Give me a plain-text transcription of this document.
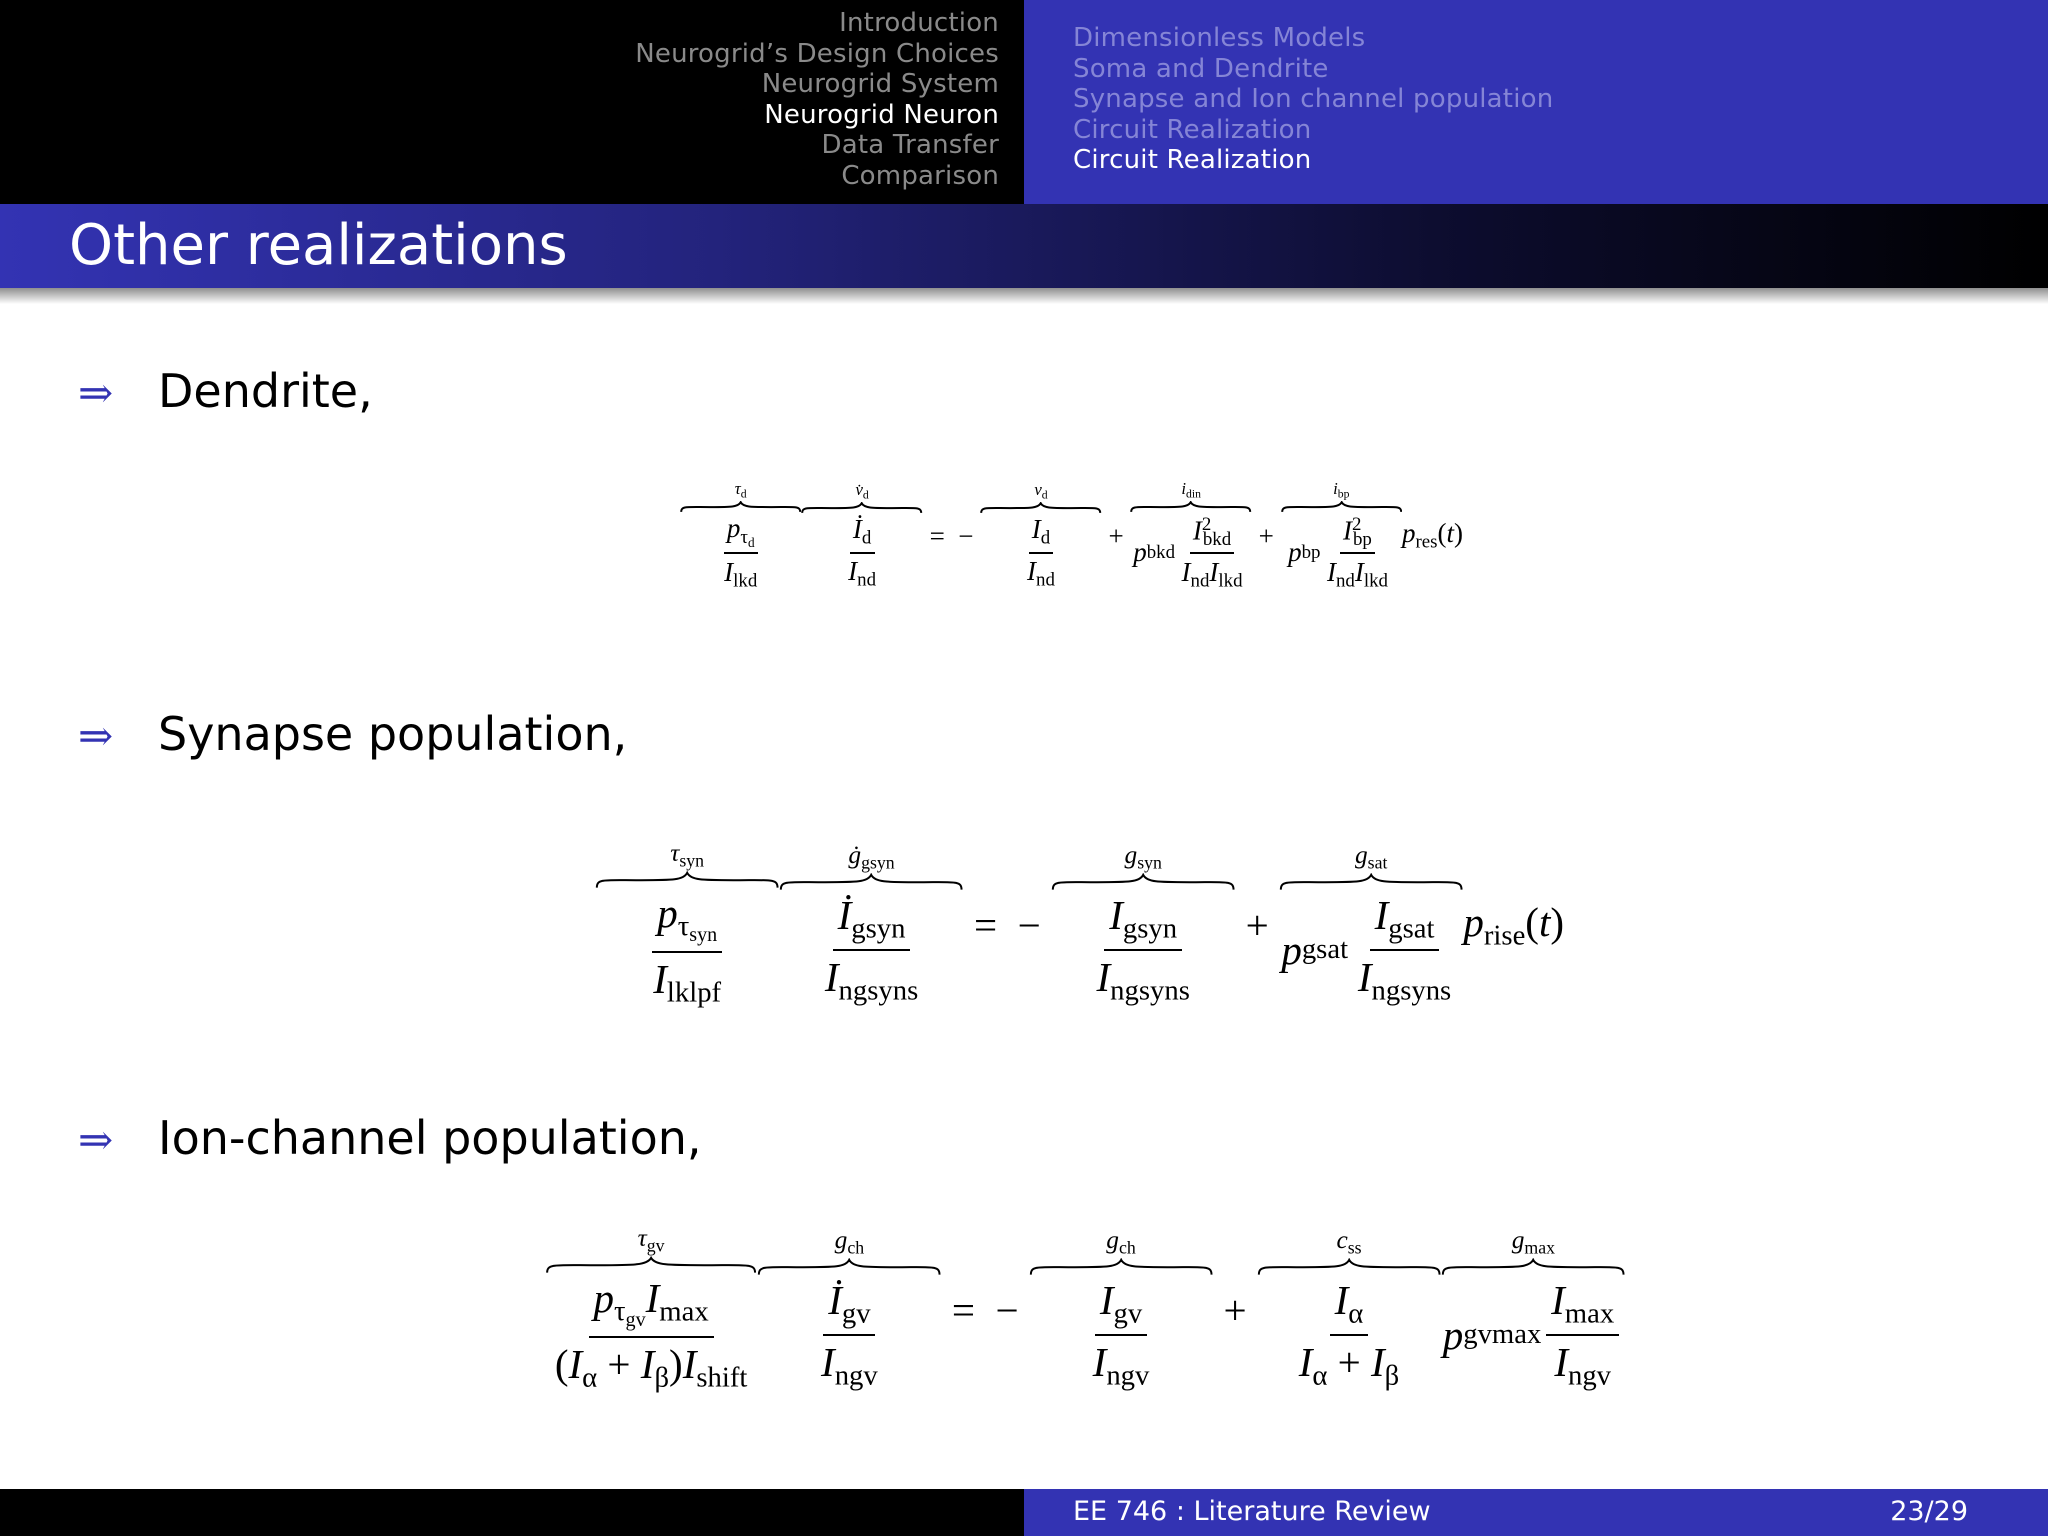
Introduction
Neurogrid’s Design Choices
Neurogrid System
Neurogrid Neuron
Data Transfer
Comparison
Dimensionless Models
Soma and Dendrite
Synapse and Ion channel population
Circuit Realization
Circuit Realization
Other realizations
⇒ Dendrite,
$\tau_d$
$\frac{p_{\tau_d}}{I_{lkd}}$
$v̇_d$
$\frac{İ_d}{I_{nd}}$ = −
$v_d$
$\frac{I_d}{I_{nd}}$ +
$i_{din}$
p bkd $\frac{I^2_{bkd}}{I_{nd}I_{lkd}}$ +
$i_{bp}$
p bp $\frac{I^2_{bp}}{I_{nd}I_{lkd}} p_{res}(t)$
⇒ Synapse population,
$\tau_{syn}$
$\frac{p_{\tau_{syn}}}{I_{lklpf}}$
$ġ_{gsyn}$
$\frac{İ_{gsyn}}{I_{ngsyns}}$ = −
$g_{syn}$
$\frac{I_{gsyn}}{I_{ngsyns}}$ +
$g_{sat}$
p gsat $\frac{I_{gsat}}{I_{ngsyns}} p_{rise}(t)$
⇒ Ion-channel population,
$\tau_{gv}$
$\frac{p_{\tau_{gv}}I_{max}}{(I_\alpha + I_\beta)I_{shift}}$
$g_{ch}$
$\frac{İ_{gv}}{I_{ngv}}$ = −
$g_{ch}$
$\frac{I_{gv}}{I_{ngv}}$ +
$c_{ss}$
$\frac{I_\alpha}{I_\alpha + I_\beta}$
$g_{max}$
p gvmax $\frac{I_{max}}{I_{ngv}}$
EE 746 : Literature Review	23/29
